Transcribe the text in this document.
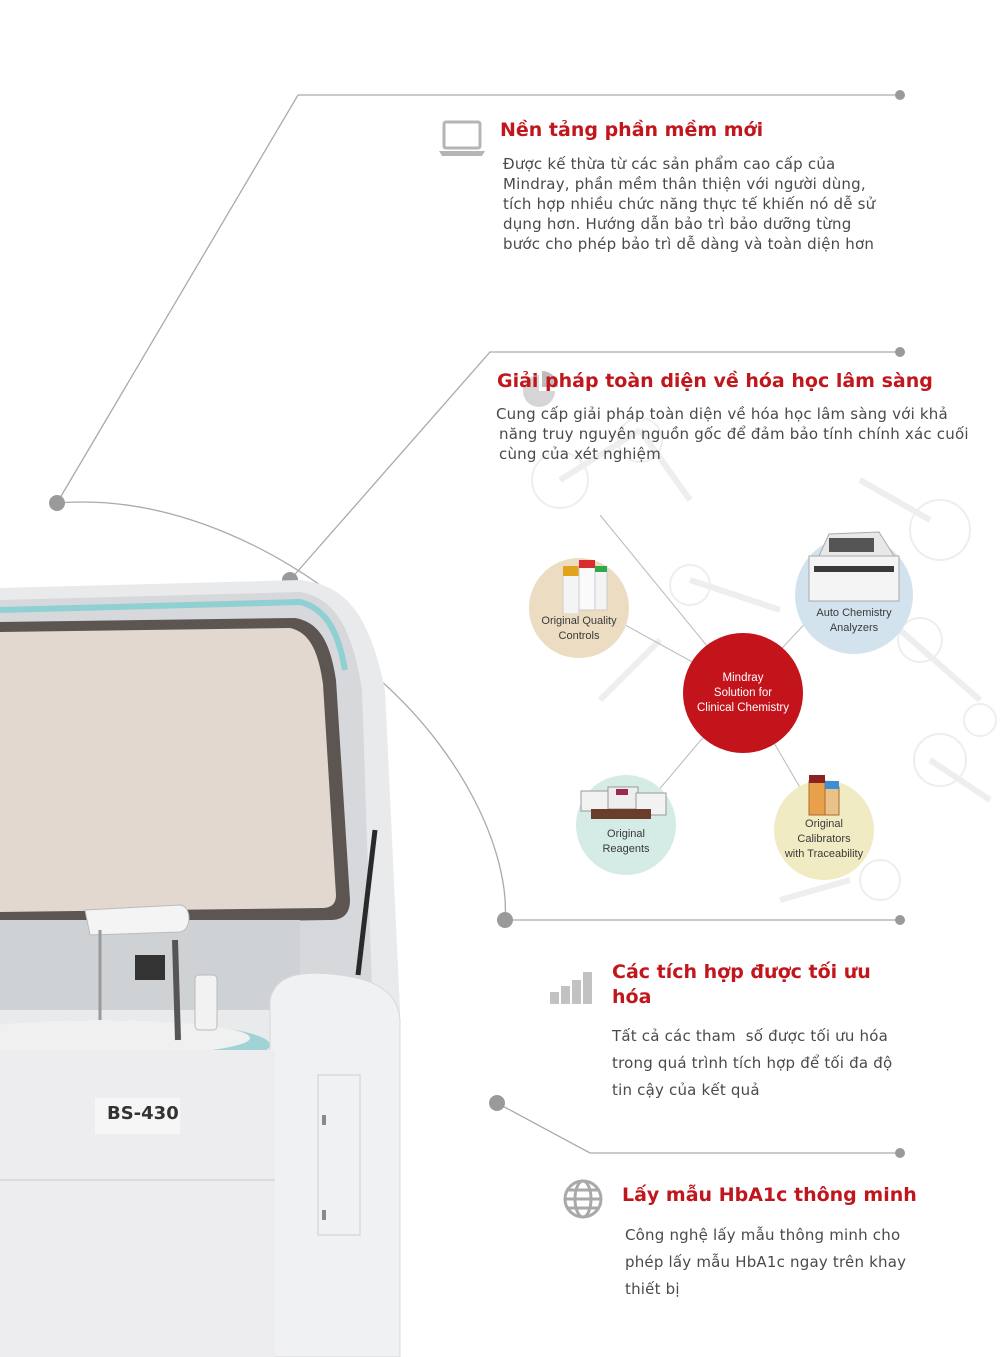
BS-430
Nền tảng phần mềm mới
Được kế thừa từ các sản phẩm cao cấp của
Mindray, phần mềm thân thiện với người dùng,
tích hợp nhiều chức năng thực tế khiến nó dễ sử
dụng hơn. Hướng dẫn bảo trì bảo dưỡng từng
bước cho phép bảo trì dễ dàng và toàn diện hơn
Giải pháp toàn diện về hóa học lâm sàng
Cung cấp giải pháp toàn diện về hóa học lâm sàng với khả
năng truy nguyên nguồn gốc để đảm bảo tính chính xác cuối
cùng của xét nghiệm
Original Quality
Controls
Auto Chemistry
Analyzers
Mindray
Solution for
Clinical Chemistry
Original
Reagents
Original
Calibrators
with Traceability
Các tích hợp được tối ưu
hóa
Tất cả các tham  số được tối ưu hóa
trong quá trình tích hợp để tối đa độ
tin cậy của kết quả
Lấy mẫu HbA1c thông minh
Công nghệ lấy mẫu thông minh cho
phép lấy mẫu HbA1c ngay trên khay
thiết bị
